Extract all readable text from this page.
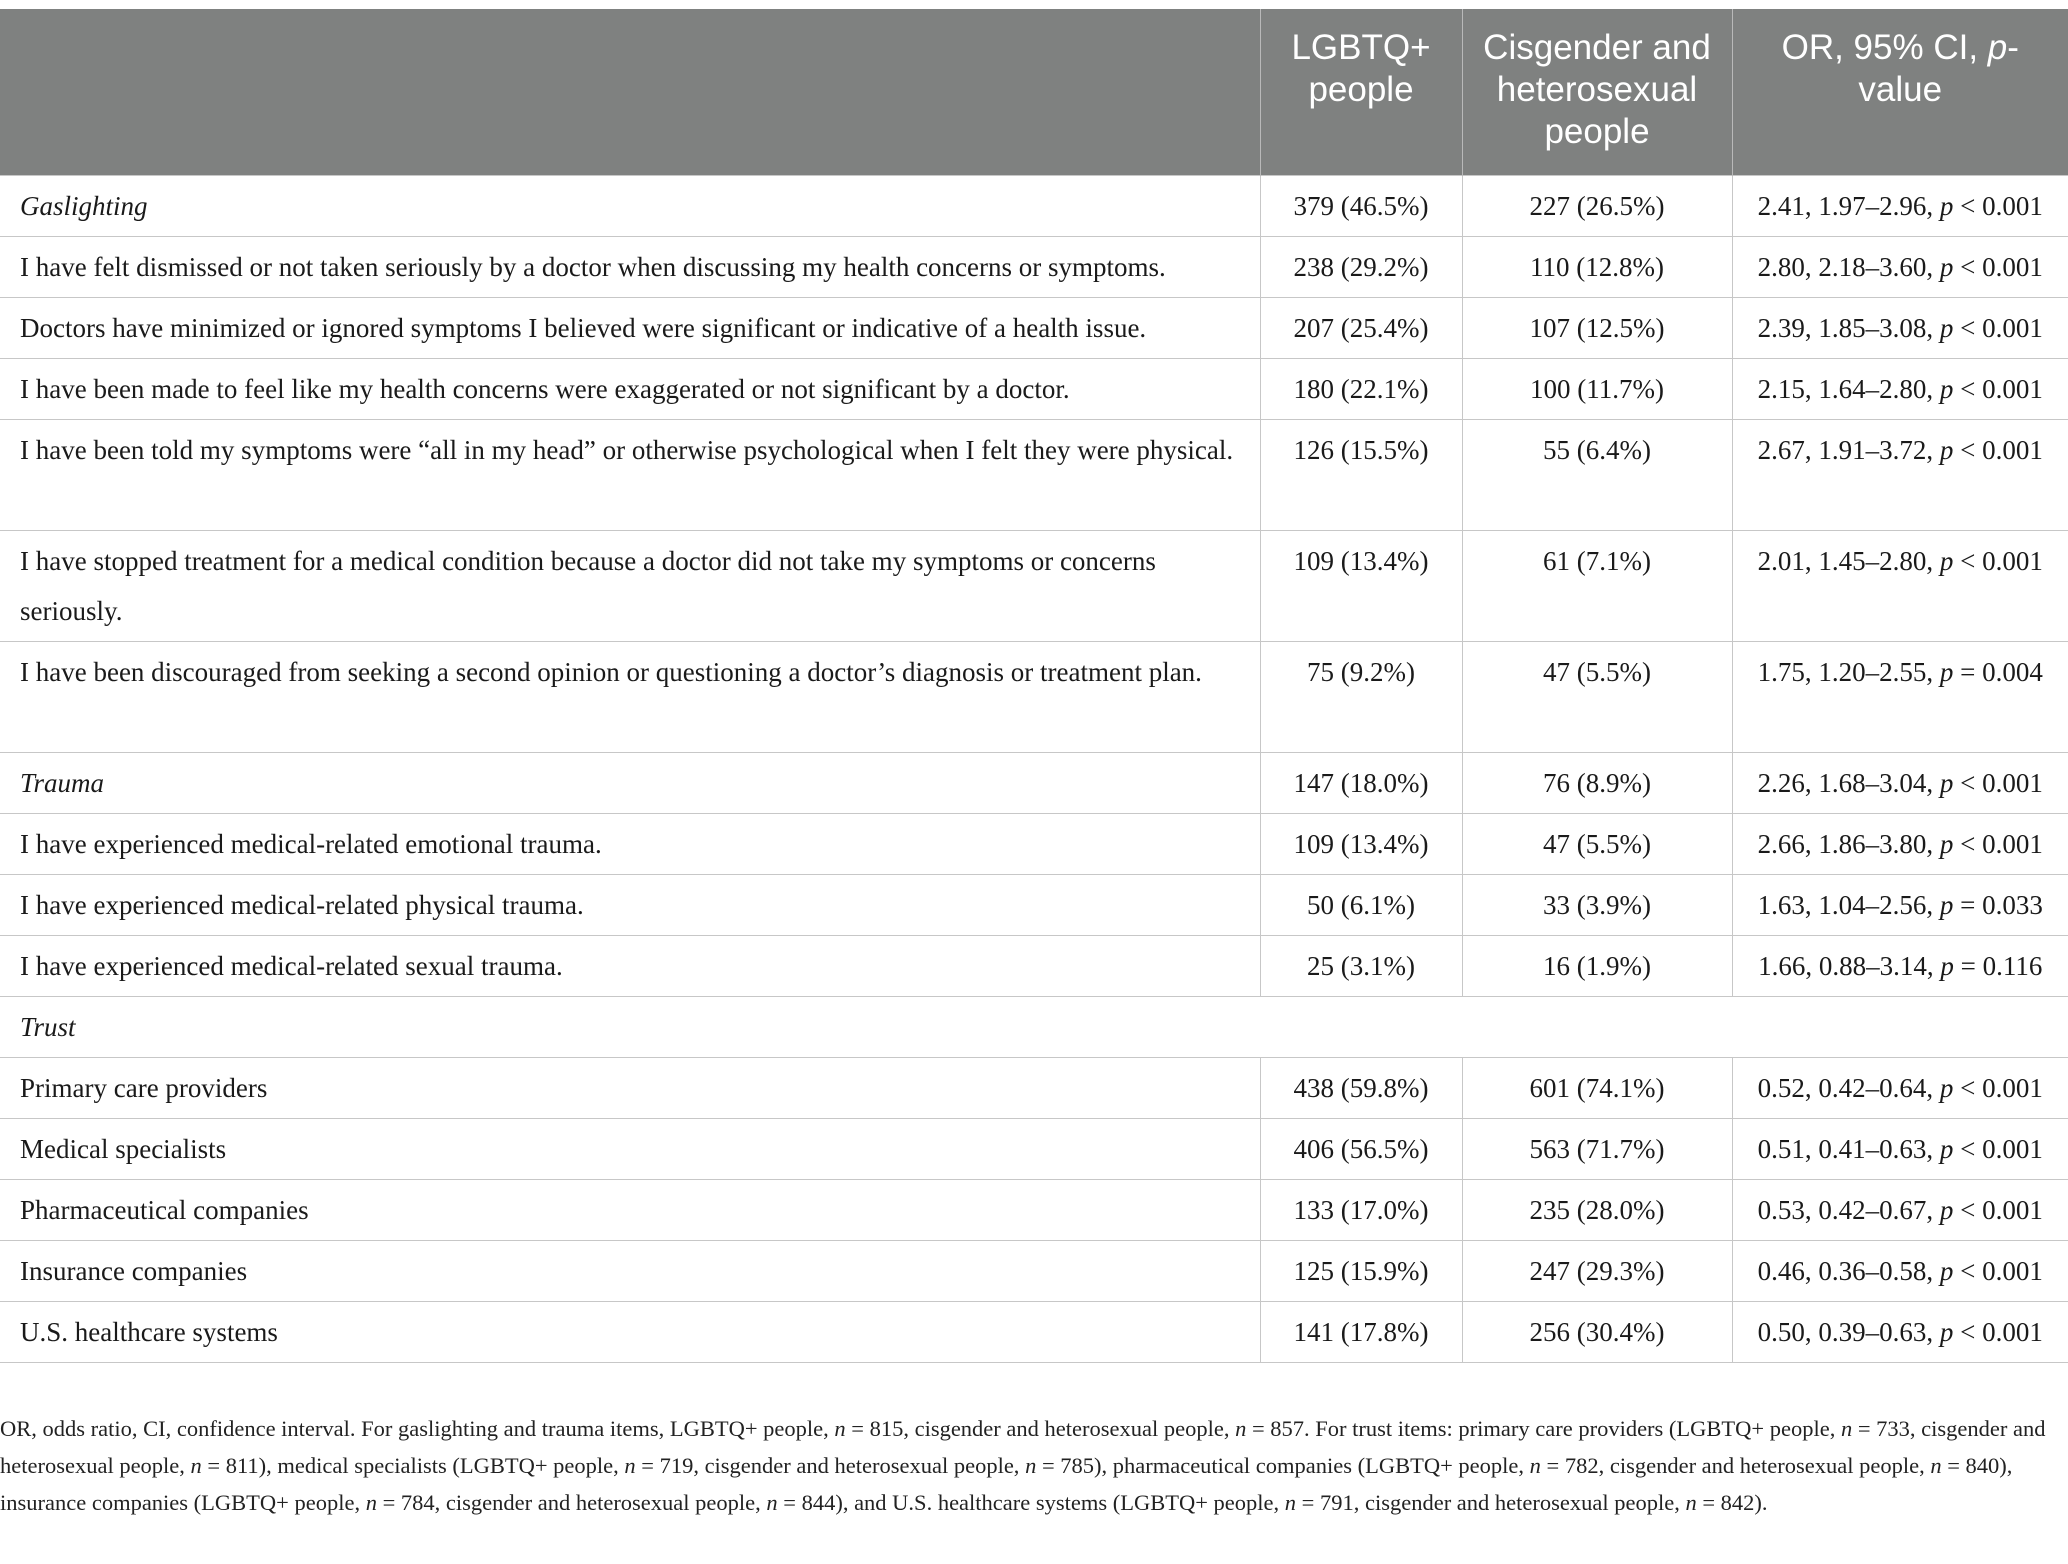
	LGBTQ+ people	Cisgender and heterosexual people	OR, 95% CI, p-value
Gaslighting	379 (46.5%)	227 (26.5%)	2.41, 1.97–2.96, p < 0.001
I have felt dismissed or not taken seriously by a doctor when discussing my health concerns or symptoms.	238 (29.2%)	110 (12.8%)	2.80, 2.18–3.60, p < 0.001
Doctors have minimized or ignored symptoms I believed were significant or indicative of a health issue.	207 (25.4%)	107 (12.5%)	2.39, 1.85–3.08, p < 0.001
I have been made to feel like my health concerns were exaggerated or not significant by a doctor.	180 (22.1%)	100 (11.7%)	2.15, 1.64–2.80, p < 0.001
I have been told my symptoms were “all in my head” or otherwise psychological when I felt they were physical.	126 (15.5%)	55 (6.4%)	2.67, 1.91–3.72, p < 0.001
I have stopped treatment for a medical condition because a doctor did not take my symptoms or concerns seriously.	109 (13.4%)	61 (7.1%)	2.01, 1.45–2.80, p < 0.001
I have been discouraged from seeking a second opinion or questioning a doctor’s diagnosis or treatment plan.	75 (9.2%)	47 (5.5%)	1.75, 1.20–2.55, p = 0.004
Trauma	147 (18.0%)	76 (8.9%)	2.26, 1.68–3.04, p < 0.001
I have experienced medical-related emotional trauma.	109 (13.4%)	47 (5.5%)	2.66, 1.86–3.80, p < 0.001
I have experienced medical-related physical trauma.	50 (6.1%)	33 (3.9%)	1.63, 1.04–2.56, p = 0.033
I have experienced medical-related sexual trauma.	25 (3.1%)	16 (1.9%)	1.66, 0.88–3.14, p = 0.116
Trust			
Primary care providers	438 (59.8%)	601 (74.1%)	0.52, 0.42–0.64, p < 0.001
Medical specialists	406 (56.5%)	563 (71.7%)	0.51, 0.41–0.63, p < 0.001
Pharmaceutical companies	133 (17.0%)	235 (28.0%)	0.53, 0.42–0.67, p < 0.001
Insurance companies	125 (15.9%)	247 (29.3%)	0.46, 0.36–0.58, p < 0.001
U.S. healthcare systems	141 (17.8%)	256 (30.4%)	0.50, 0.39–0.63, p < 0.001
OR, odds ratio, CI, confidence interval. For gaslighting and trauma items, LGBTQ+ people, n = 815, cisgender and heterosexual people, n = 857. For trust items: primary care providers (LGBTQ+ people, n = 733, cisgender and heterosexual people, n = 811), medical specialists (LGBTQ+ people, n = 719, cisgender and heterosexual people, n = 785), pharmaceutical companies (LGBTQ+ people, n = 782, cisgender and heterosexual people, n = 840), insurance companies (LGBTQ+ people, n = 784, cisgender and heterosexual people, n = 844), and U.S. healthcare systems (LGBTQ+ people, n = 791, cisgender and heterosexual people, n = 842).
